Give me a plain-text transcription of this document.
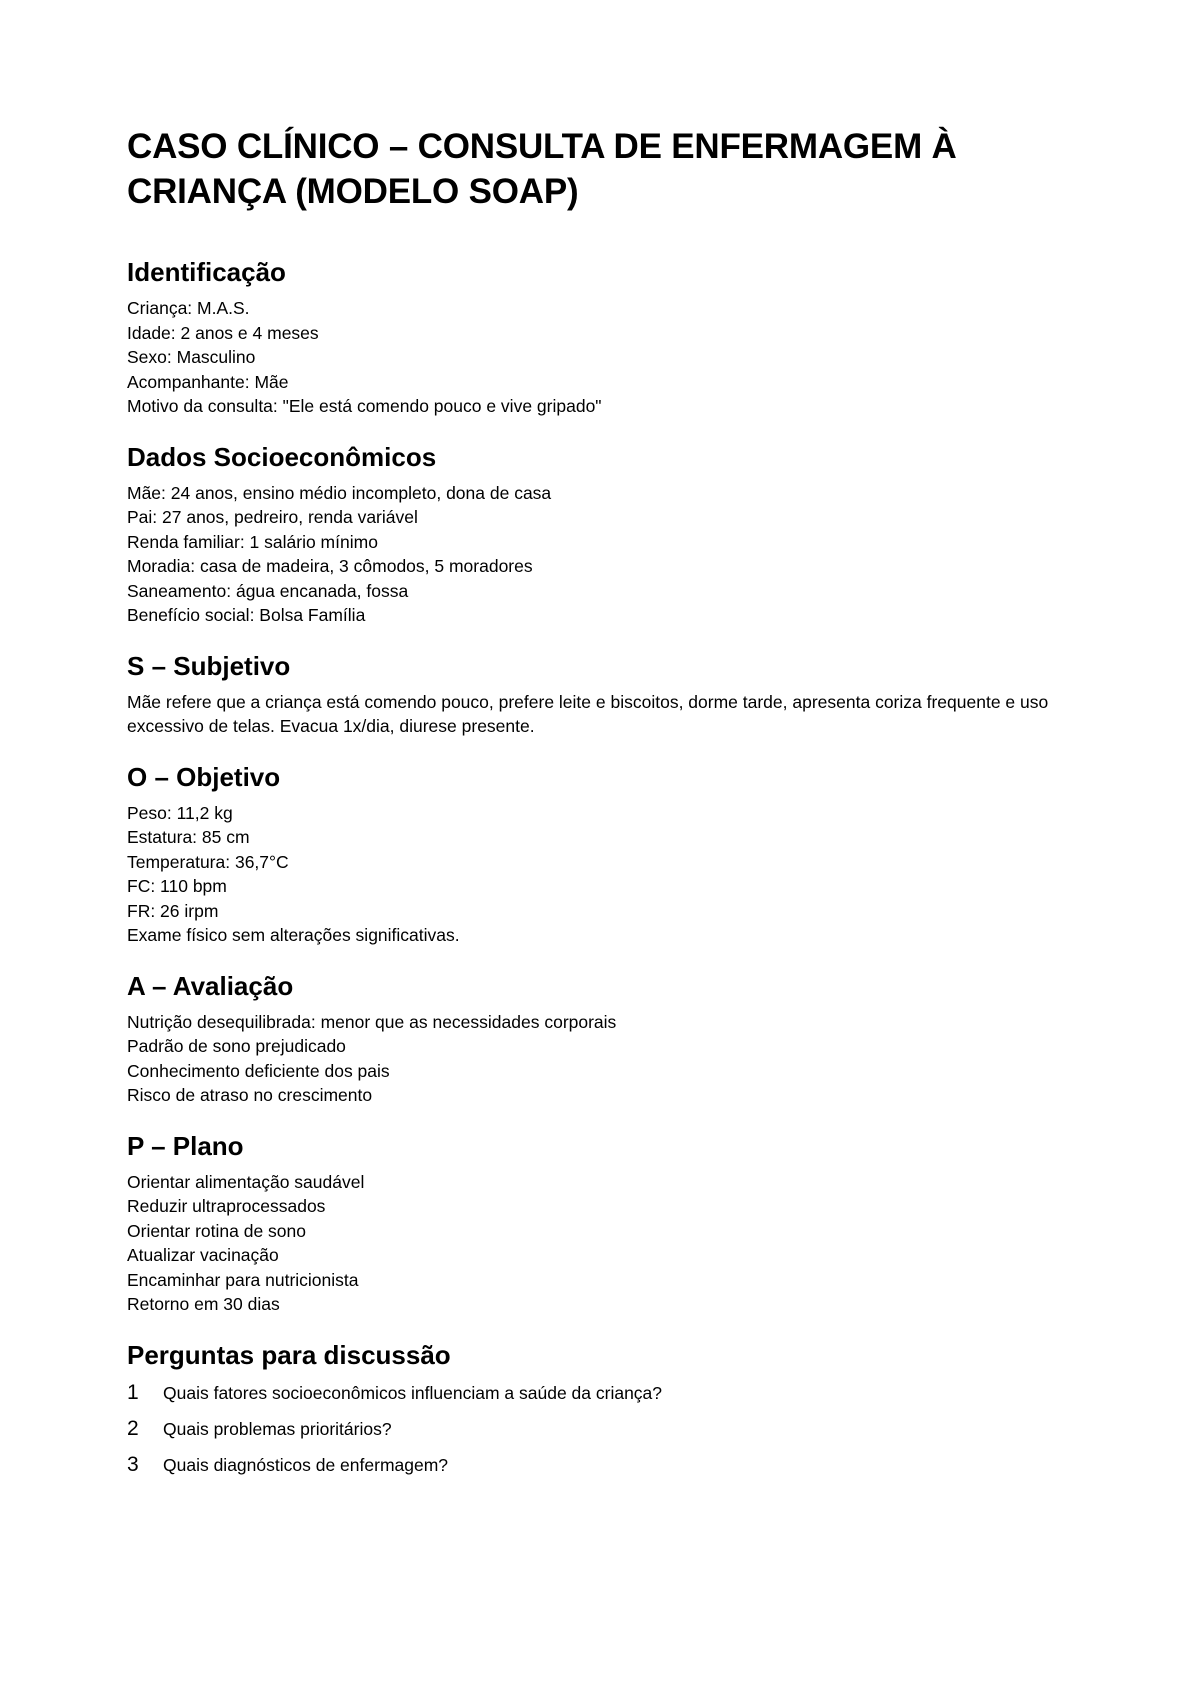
CASO CLÍNICO – CONSULTA DE ENFERMAGEM À CRIANÇA (MODELO SOAP)
Identificação
Criança: M.A.S.
Idade: 2 anos e 4 meses
Sexo: Masculino
Acompanhante: Mãe
Motivo da consulta: "Ele está comendo pouco e vive gripado"
Dados Socioeconômicos
Mãe: 24 anos, ensino médio incompleto, dona de casa
Pai: 27 anos, pedreiro, renda variável
Renda familiar: 1 salário mínimo
Moradia: casa de madeira, 3 cômodos, 5 moradores
Saneamento: água encanada, fossa
Benefício social: Bolsa Família
S – Subjetivo
Mãe refere que a criança está comendo pouco, prefere leite e biscoitos, dorme tarde, apresenta coriza frequente e uso excessivo de telas. Evacua 1x/dia, diurese presente.
O – Objetivo
Peso: 11,2 kg
Estatura: 85 cm
Temperatura: 36,7°C
FC: 110 bpm
FR: 26 irpm
Exame físico sem alterações significativas.
A – Avaliação
Nutrição desequilibrada: menor que as necessidades corporais
Padrão de sono prejudicado
Conhecimento deficiente dos pais
Risco de atraso no crescimento
P – Plano
Orientar alimentação saudável
Reduzir ultraprocessados
Orientar rotina de sono
Atualizar vacinação
Encaminhar para nutricionista
Retorno em 30 dias
Perguntas para discussão
1	Quais fatores socioeconômicos influenciam a saúde da criança?
2	Quais problemas prioritários?
3	Quais diagnósticos de enfermagem?
